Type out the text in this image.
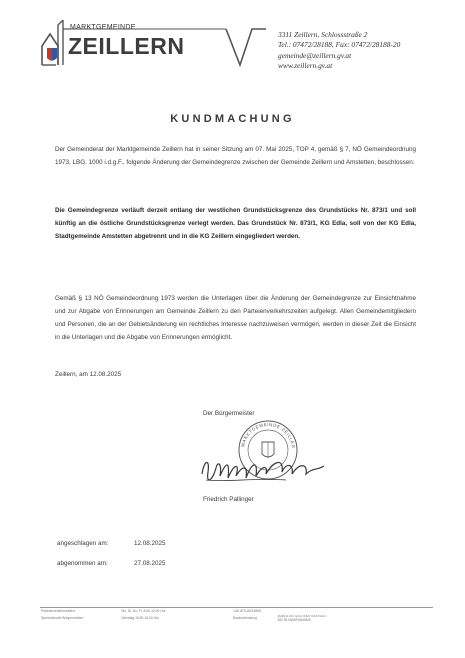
MARKTGEMEINDE
ZEILLERN	3311 Zeillern, Schlossstraße 2
Tel.: 07472/28188, Fax: 07472/28188-20
gemeinde@zeillern.gv.at
www.zeillern.gv.at
KUNDMACHUNG
Der Gemeinderat der Marktgemeinde Zeillern hat in seiner Sitzung am 07. Mai 2025, TOP 4, gemäß § 7, NÖ Gemeindeordnung 1973, LBG. 1000 i.d.g.F., folgende Änderung der Gemeindegrenze zwischen der Gemeinde Zeillern und Amstetten, beschlossen:
Die Gemeindegrenze verläuft derzeit entlang der westlichen Grundstücksgrenze des Grundstücks Nr. 873/1 und soll künftig an die östliche Grundstücksgrenze verlegt werden. Das Grundstück Nr. 873/1, KG Edla, soll von der KG Edla, Stadtgemeinde Amstetten abgetrennt und in die KG Zeillern eingegliedert werden.
Gemäß § 13 NÖ Gemeindeordnung 1973 werden die Unterlagen über die Änderung der Gemeindegrenze zur Einsichtnahme und zur Abgabe von Erinnerungen am Gemeinde Zeillern zu den Parteienverkehrszeiten aufgelegt. Allen Gemeindemitgliedern und Personen, die an der Gebietsänderung ein rechtliches Interesse nachzuweisen vermögen, werden in dieser Zeit die Einsicht in die Unterlagen und die Abgabe von Erinnerungen ermöglicht.
Zeillern, am 12.08.2025
Der Bürgermeister
MARKTGEMEINDE ZEILLER
Friedrich Pallinger
angeschlagen am:	12.08.2025
abgenommen am:	27.08.2025
Parteienverkehrszeiten:	Mo, Di, Do, Fr, 8:00-12:00 Uhr	UID ATU16216905
Sprechstunde Bürgermeister:	Dienstag 16:00-18:00 Uhr	Bankverbindung	IBAN AT64 3202 5000 0000 6337
BIC RLNWATWWAMS
